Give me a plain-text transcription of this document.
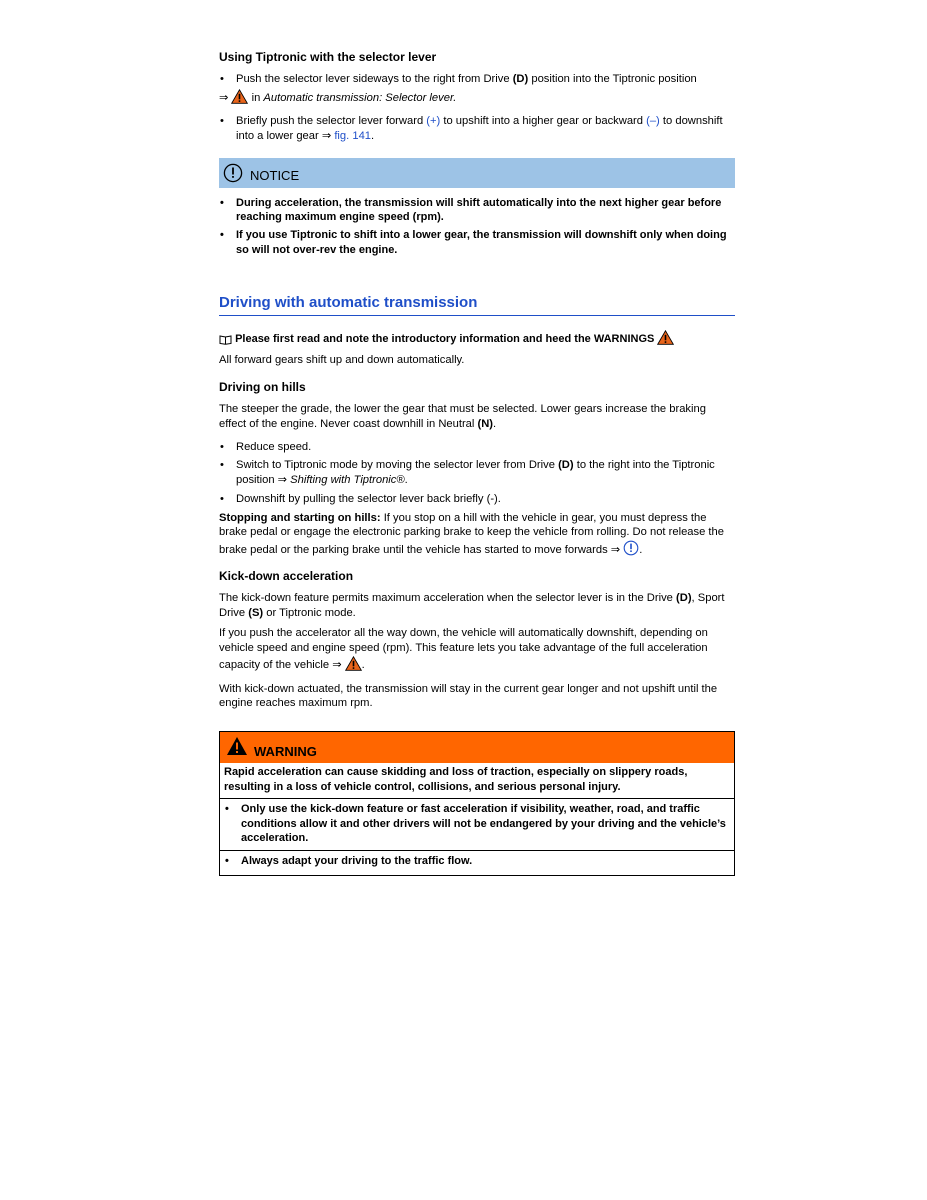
Using Tiptronic with the selector lever
• Push the selector lever sideways to the right from Drive (D) position into the Tiptronic position
⇒  in Automatic transmission: Selector lever.
• Briefly push the selector lever forward (+) to upshift into a higher gear or backward (–) to downshift into a lower gear ⇒ fig. 141.
NOTICE
• During acceleration, the transmission will shift automatically into the next higher gear before reaching maximum engine speed (rpm).
• If you use Tiptronic to shift into a lower gear, the transmission will downshift only when doing so will not over-rev the engine.
Driving with automatic transmission
Please first read and note the introductory information and heed the WARNINGS
All forward gears shift up and down automatically.
Driving on hills
The steeper the grade, the lower the gear that must be selected. Lower gears increase the braking effect of the engine. Never coast downhill in Neutral (N).
• Reduce speed.
• Switch to Tiptronic mode by moving the selector lever from Drive (D) to the right into the Tiptronic position ⇒ Shifting with Tiptronic®.
• Downshift by pulling the selector lever back briefly (-).
Stopping and starting on hills: If you stop on a hill with the vehicle in gear, you must depress the brake pedal or engage the electronic parking brake to keep the vehicle from rolling. Do not release the brake pedal or the parking brake until the vehicle has started to move forwards ⇒ .
Kick-down acceleration
The kick-down feature permits maximum acceleration when the selector lever is in the Drive (D), Sport Drive (S) or Tiptronic mode.
If you push the accelerator all the way down, the vehicle will automatically downshift, depending on vehicle speed and engine speed (rpm). This feature lets you take advantage of the full acceleration capacity of the vehicle ⇒ .
With kick-down actuated, the transmission will stay in the current gear longer and not upshift until the engine reaches maximum rpm.
WARNING

Rapid acceleration can cause skidding and loss of traction, especially on slippery roads, resulting in a loss of vehicle control, collisions, and serious personal injury.

• Only use the kick-down feature or fast acceleration if visibility, weather, road, and traffic conditions allow it and other drivers will not be endangered by your driving and the vehicle’s acceleration.
• Always adapt your driving to the traffic flow.
